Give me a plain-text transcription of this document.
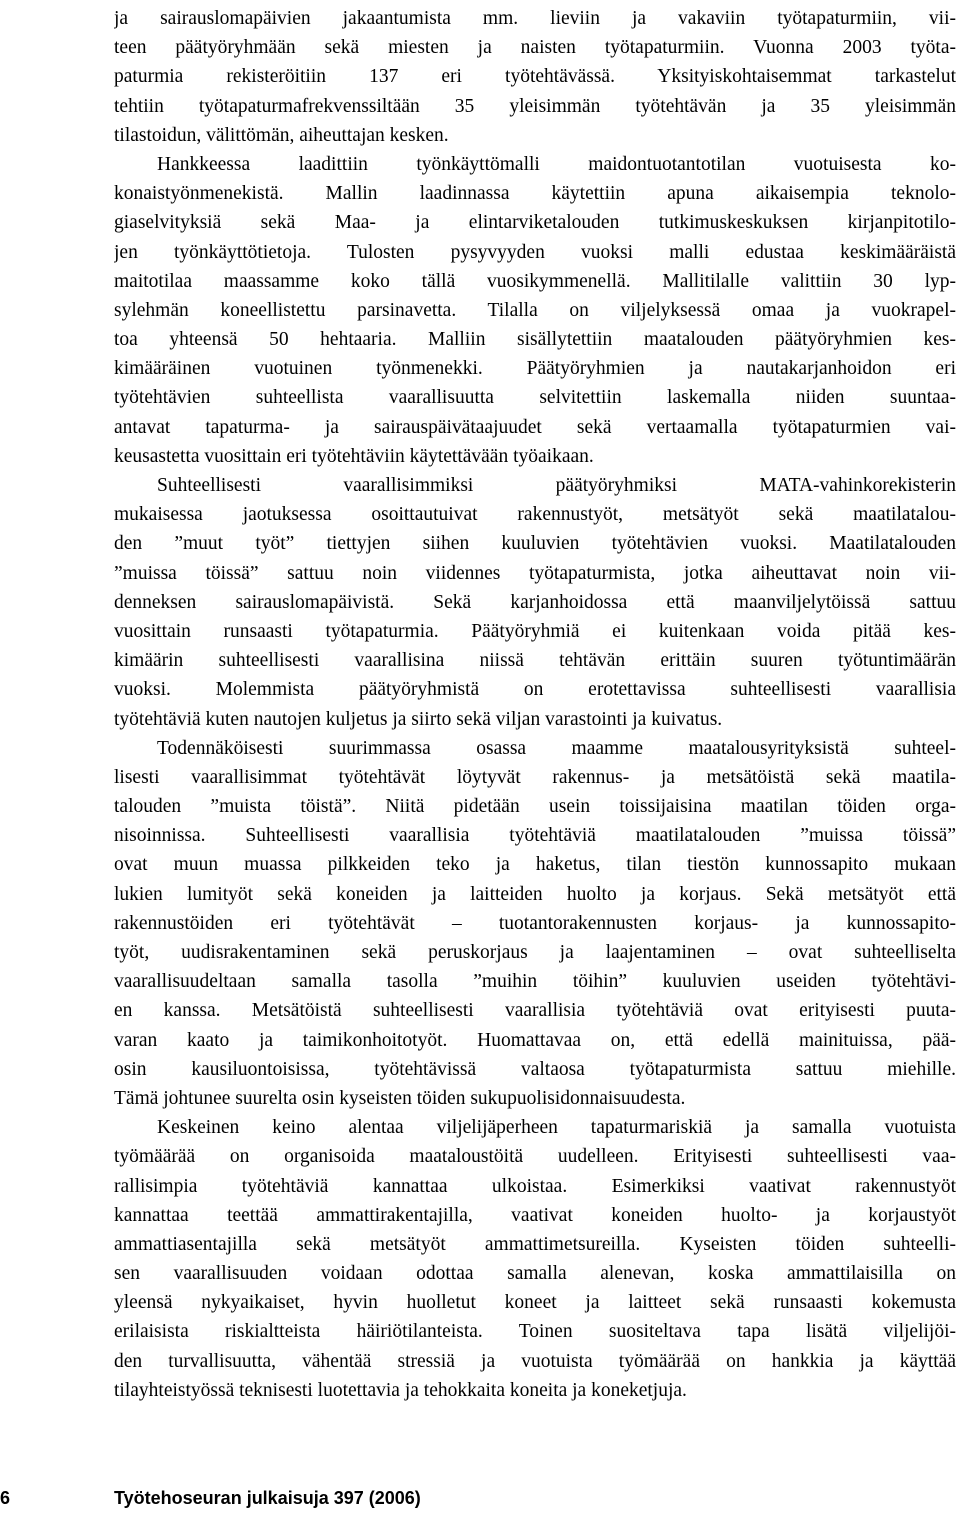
ja sairauslomapäivien jakaantumista mm. lieviin ja vakaviin työtapaturmiin, vii-
teen päätyöryhmään sekä miesten ja naisten työtapaturmiin. Vuonna 2003 työta-
paturmia rekisteröitiin 137 eri työtehtävässä. Yksityiskohtaisemmat tarkastelut
tehtiin työtapaturmafrekvenssiltään 35 yleisimmän työtehtävän ja 35 yleisimmän
tilastoidun, välittömän, aiheuttajan kesken.
Hankkeessa laadittiin työnkäyttömalli maidontuotantotilan vuotuisesta ko-
konaistyönmenekistä. Mallin laadinnassa käytettiin apuna aikaisempia teknolo-
giaselvityksiä sekä Maa- ja elintarviketalouden tutkimuskeskuksen kirjanpitotilo-
jen työnkäyttötietoja. Tulosten pysyvyyden vuoksi malli edustaa keskimääräistä
maitotilaa maassamme koko tällä vuosikymmenellä. Mallitilalle valittiin 30 lyp-
sylehmän koneellistettu parsinavetta. Tilalla on viljelyksessä omaa ja vuokrapel-
toa yhteensä 50 hehtaaria. Malliin sisällytettiin maatalouden päätyöryhmien kes-
kimääräinen vuotuinen työnmenekki. Päätyöryhmien ja nautakarjanhoidon eri
työtehtävien suhteellista vaarallisuutta selvitettiin laskemalla niiden suuntaa-
antavat tapaturma- ja sairauspäivätaajuudet sekä vertaamalla työtapaturmien vai-
keusastetta vuosittain eri työtehtäviin käytettävään työaikaan.
Suhteellisesti vaarallisimmiksi päätyöryhmiksi MATA-vahinkorekisterin
mukaisessa jaotuksessa osoittautuivat rakennustyöt, metsätyöt sekä maatilatalou-
den ”muut työt” tiettyjen siihen kuuluvien työtehtävien vuoksi. Maatilatalouden
”muissa töissä” sattuu noin viidennes työtapaturmista, jotka aiheuttavat noin vii-
denneksen sairauslomapäivistä. Sekä karjanhoidossa että maanviljelytöissä sattuu
vuosittain runsaasti työtapaturmia. Päätyöryhmiä ei kuitenkaan voida pitää kes-
kimäärin suhteellisesti vaarallisina niissä tehtävän erittäin suuren työtuntimäärän
vuoksi. Molemmista päätyöryhmistä on erotettavissa suhteellisesti vaarallisia
työtehtäviä kuten nautojen kuljetus ja siirto sekä viljan varastointi ja kuivatus.
Todennäköisesti suurimmassa osassa maamme maatalousyrityksistä suhteel-
lisesti vaarallisimmat työtehtävät löytyvät rakennus- ja metsätöistä sekä maatila-
talouden ”muista töistä”. Niitä pidetään usein toissijaisina maatilan töiden orga-
nisoinnissa. Suhteellisesti vaarallisia työtehtäviä maatilatalouden ”muissa töissä”
ovat muun muassa pilkkeiden teko ja haketus, tilan tiestön kunnossapito mukaan
lukien lumityöt sekä koneiden ja laitteiden huolto ja korjaus. Sekä metsätyöt että
rakennustöiden eri työtehtävät – tuotantorakennusten korjaus- ja kunnossapito-
työt, uudisrakentaminen sekä peruskorjaus ja laajentaminen – ovat suhteelliselta
vaarallisuudeltaan samalla tasolla ”muihin töihin” kuuluvien useiden työtehtävi-
en kanssa. Metsätöistä suhteellisesti vaarallisia työtehtäviä ovat erityisesti puuta-
varan kaato ja taimikonhoitotyöt. Huomattavaa on, että edellä mainituissa, pää-
osin kausiluontoisissa, työtehtävissä valtaosa työtapaturmista sattuu miehille.
Tämä johtunee suurelta osin kyseisten töiden sukupuolisidonnaisuudesta.
Keskeinen keino alentaa viljelijäperheen tapaturmariskiä ja samalla vuotuista
työmäärää on organisoida maataloustöitä uudelleen. Erityisesti suhteellisesti vaa-
rallisimpia työtehtäviä kannattaa ulkoistaa. Esimerkiksi vaativat rakennustyöt
kannattaa teettää ammattirakentajilla, vaativat koneiden huolto- ja korjaustyöt
ammattiasentajilla sekä metsätyöt ammattimetsureilla. Kyseisten töiden suhteelli-
sen vaarallisuuden voidaan odottaa samalla alenevan, koska ammattilaisilla on
yleensä nykyaikaiset, hyvin huolletut koneet ja laitteet sekä runsaasti kokemusta
erilaisista riskialtteista häiriötilanteista. Toinen suositeltava tapa lisätä viljelijöi-
den turvallisuutta, vähentää stressiä ja vuotuista työmäärää on hankkia ja käyttää
tilayhteistyössä teknisesti luotettavia ja tehokkaita koneita ja koneketjuja.
6	Työtehoseuran julkaisuja 397 (2006)
